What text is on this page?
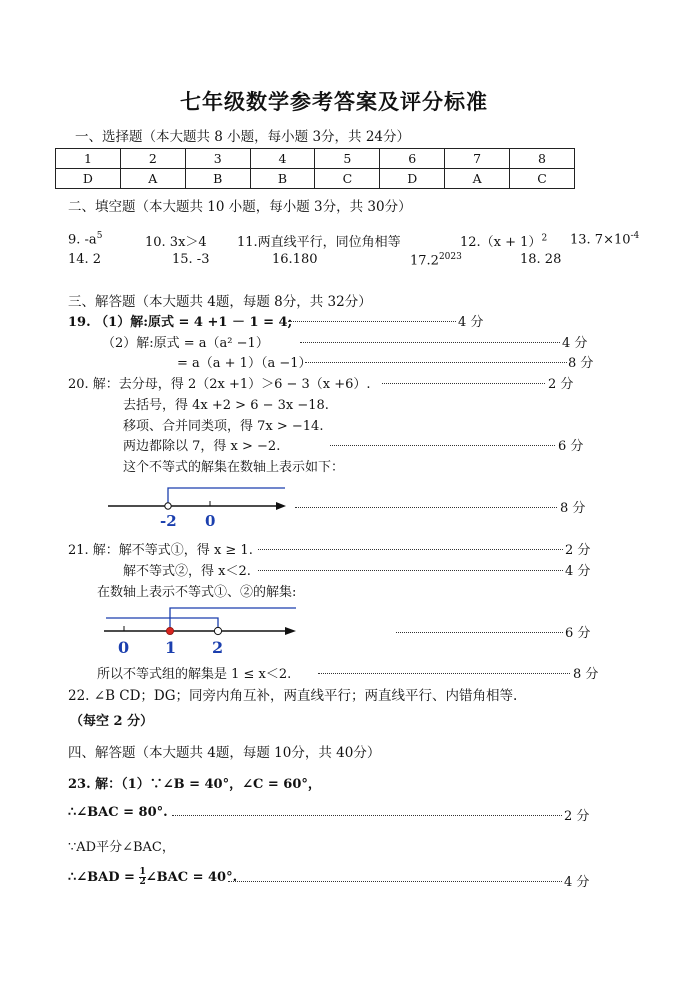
七年级数学参考答案及评分标准
一、选择题（本大题共 8 小题，每小题 3分，共 24分）
1	2	3	4	5	6	7	8
D	A	B	B	C	D	A	C
二、填空题（本大题共 10 小题，每小题 3分，共 30分）
9. $-a^5$	10. 3x＞4 11.两直线平行，同位角相等	$12.(x + 1)^2$ 13. $7\times 10^{-4}$
14. 2	15. -3	16.180	$17.2^{2023}$	18. 28
三、解答题（本大题共 4题，每题 8分，共 32分）
19. （1）解:原式 = 4 +1 － 1 = 4;	4 分
（2）解:原式 = a（a² −1）	4 分
= a（a + 1）（a −1）	8 分
20. 解：去分母，得 2（2x +1）＞6 − 3（x +6）.	2 分
去括号，得 4x +2 > 6 − 3x −18.
移项、合并同类项，得 7x > −14.
两边都除以 7，得 x > −2.	6 分
这个不等式的解集在数轴上表示如下：
-2 0
8 分
21. 解：解不等式①，得 x ≥ 1.	2 分
解不等式②，得 x＜2.	4 分
在数轴上表示不等式①、②的解集:
0 1 2
6 分
所以不等式组的解集是 1 ≤ x＜2.	8 分
22. ∠B CD；DG；同旁内角互补，两直线平行；两直线平行、内错角相等.
（每空 2 分）
四、解答题（本大题共 4题，每题 10分，共 40分）
23. 解：（1）∵∠B = 40°，∠C = 60°，
∴∠BAC = 80°.	2 分
∵AD平分∠BAC，
∴∠BAD = $\frac{1}{2}$ ∠BAC = 40°.	4 分
